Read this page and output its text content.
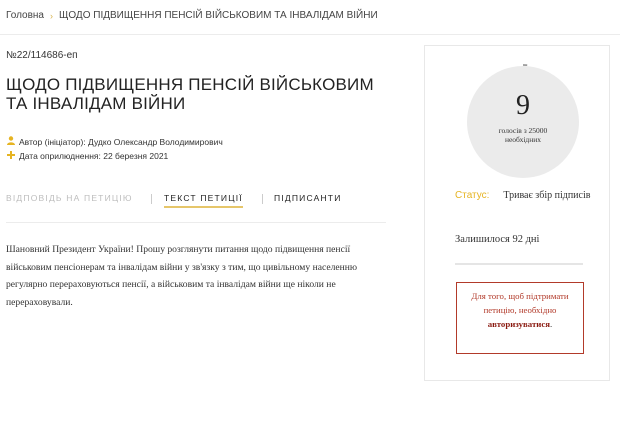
Головна › ЩОДО ПІДВИЩЕННЯ ПЕНСІЙ ВІЙСЬКОВИМ ТА ІНВАЛІДАМ ВІЙНИ
№22/114686-еп
ЩОДО ПІДВИЩЕННЯ ПЕНСІЙ ВІЙСЬКОВИМ ТА ІНВАЛІДАМ ВІЙНИ
Автор (ініціатор): Дудко Олександр Володимирович
Дата оприлюднення: 22 березня 2021
ВІДПОВІДЬ НА ПЕТИЦІЮ	ТЕКСТ ПЕТИЦІЇ	ПІДПИСАНТИ

Шановний Президент України! Прошу розглянути питання щодо підвищення пенсії військовим пенсіонерам та інвалідам війни у зв'язку з тим, що цивільному населенню регулярно перераховуються пенсії, а військовим та інвалідам війни ще ніколи не перераховували.

9
голосів з 25000 необхідних
Статус: Триває збір підписів
Залишилося 92 дні
Для того, щоб підтримати петицію, необхідно авторизуватися.
